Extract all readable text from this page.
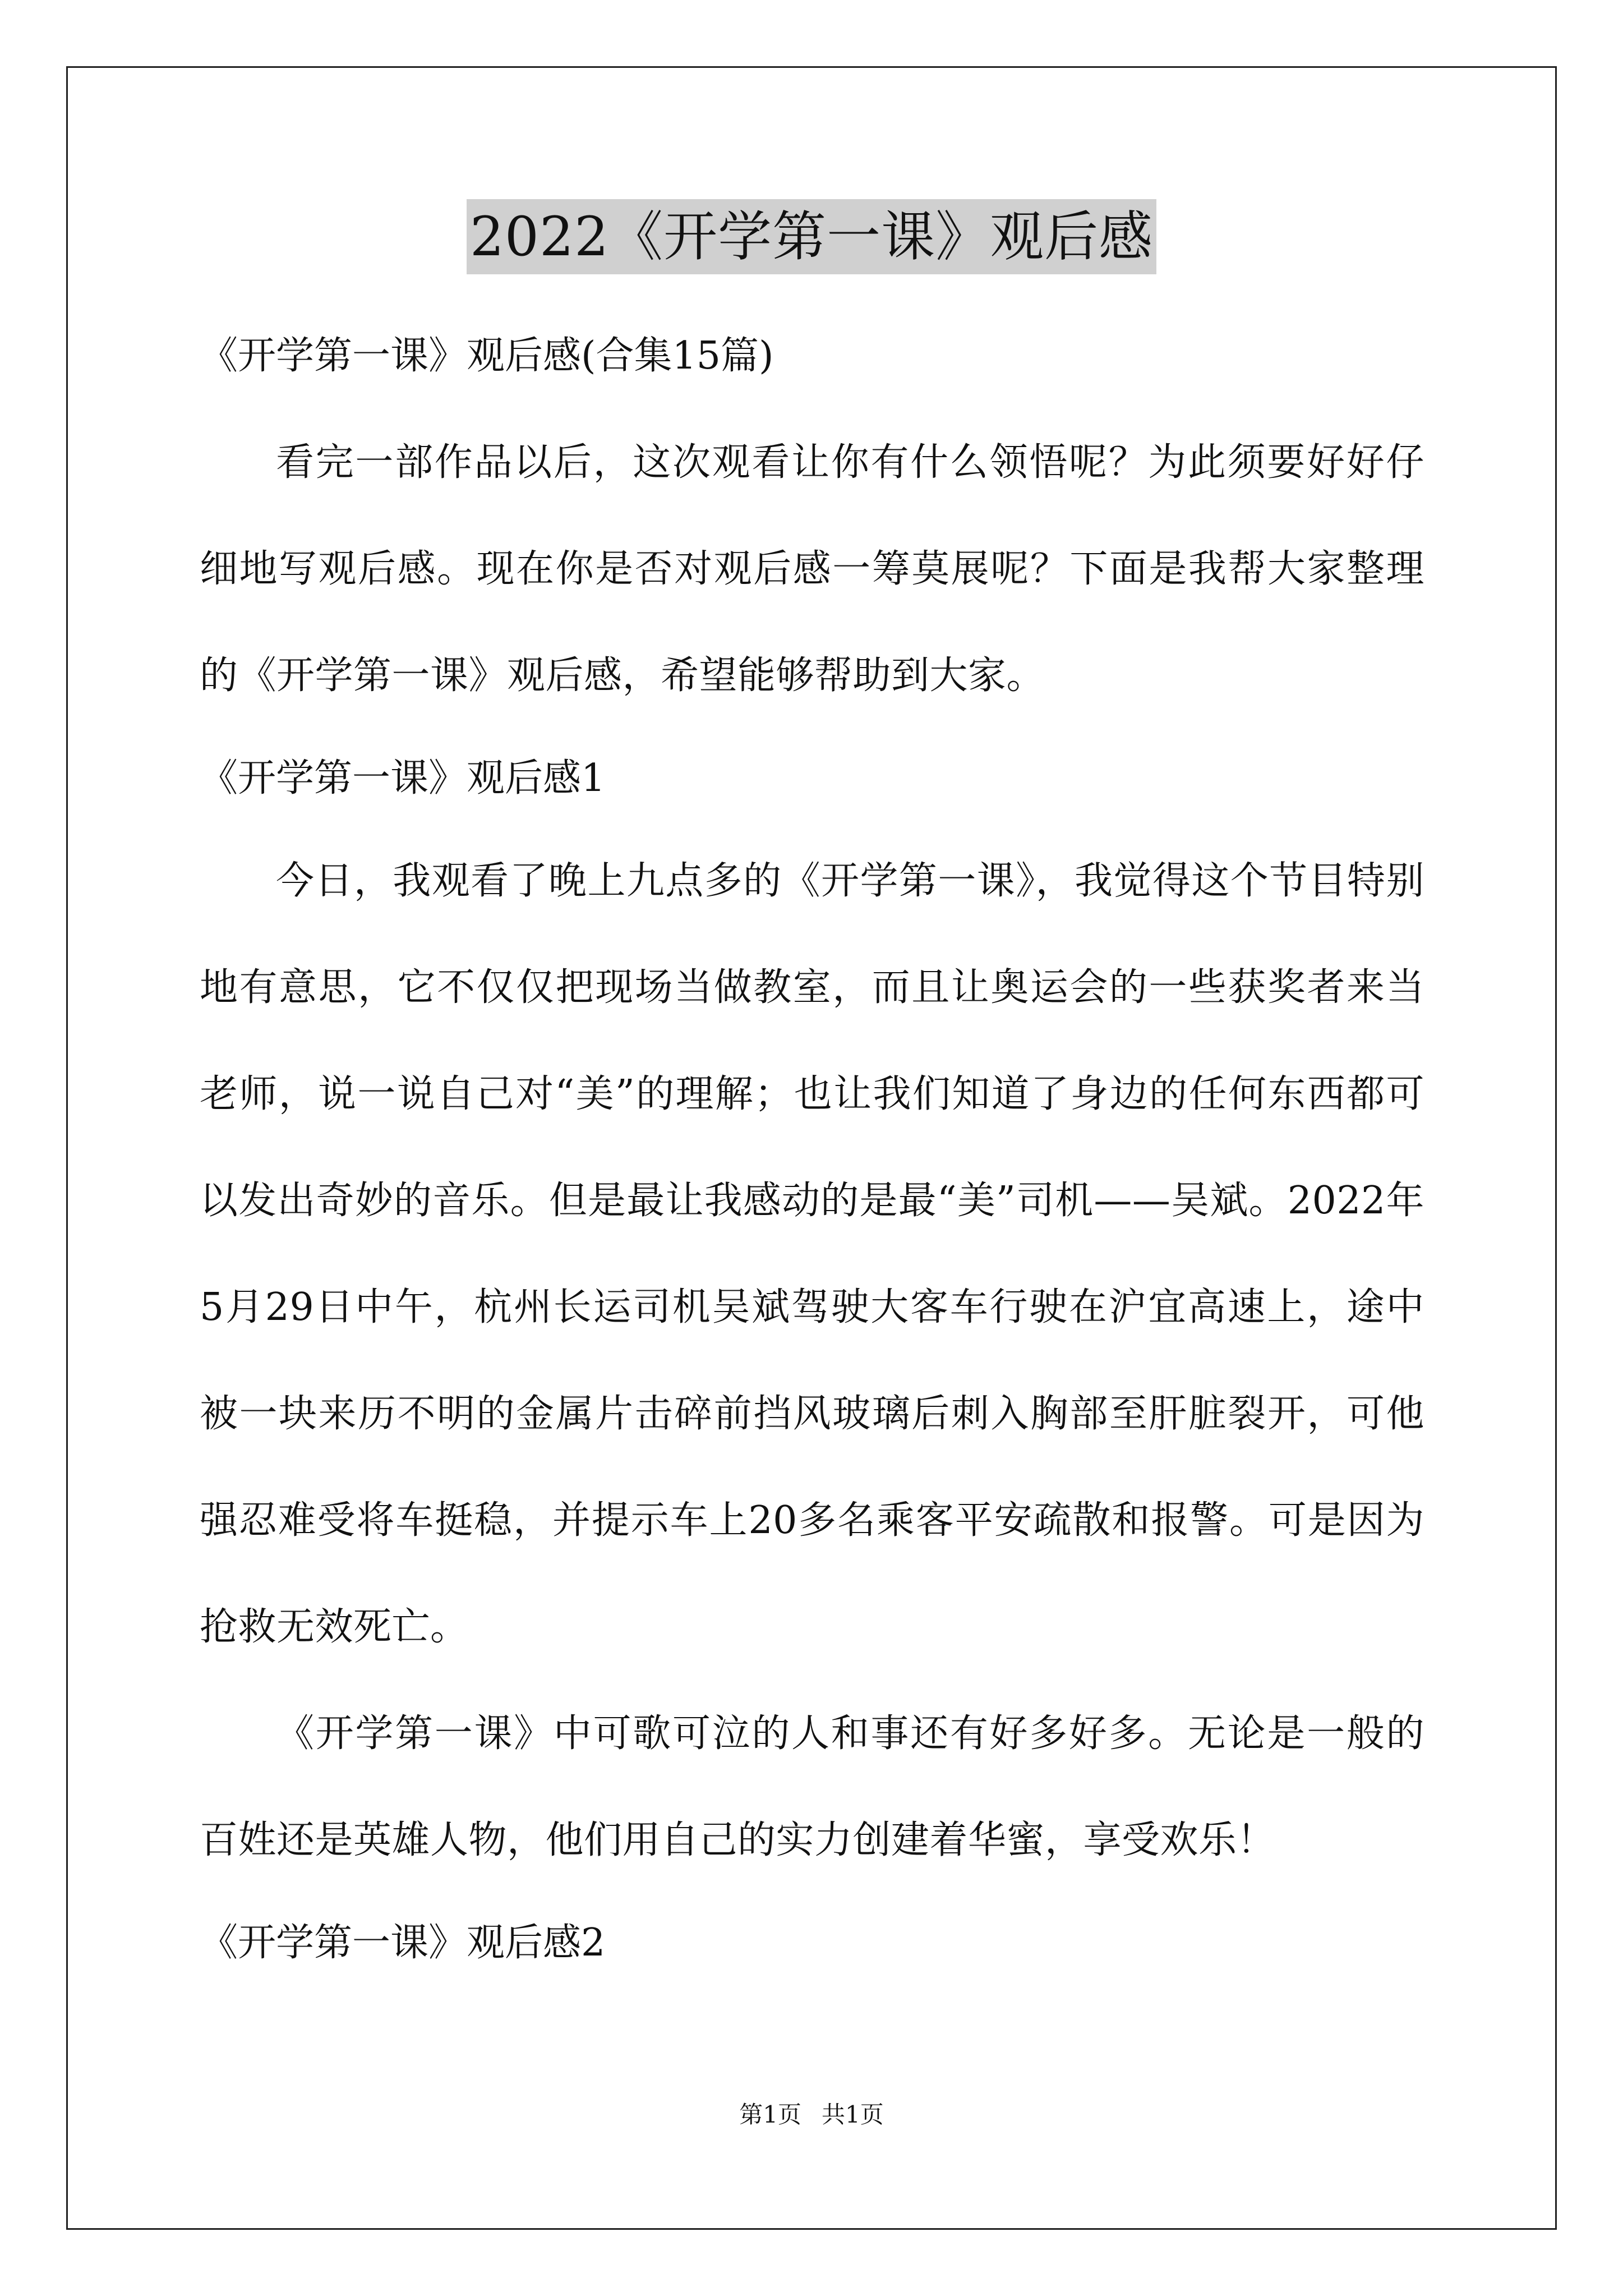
2022《开学第一课》观后感
《开学第一课》观后感(合集15篇)
看完一部作品以后，这次观看让你有什么领悟呢？为此须要好好仔细地写观后感。现在你是否对观后感一筹莫展呢？下面是我帮大家整理的《开学第一课》观后感，希望能够帮助到大家。
《开学第一课》观后感1
今日，我观看了晚上九点多的《开学第一课》，我觉得这个节目特别地有意思，它不仅仅把现场当做教室，而且让奥运会的一些获奖者来当老师，说一说自己对“美”的理解；也让我们知道了身边的任何东西都可以发出奇妙的音乐。但是最让我感动的是最“美”司机——吴斌。2022年5月29日中午，杭州长运司机吴斌驾驶大客车行驶在沪宜高速上，途中被一块来历不明的金属片击碎前挡风玻璃后刺入胸部至肝脏裂开，可他强忍难受将车挺稳，并提示车上20多名乘客平安疏散和报警。可是因为抢救无效死亡。
《开学第一课》中可歌可泣的人和事还有好多好多。无论是一般的百姓还是英雄人物，他们用自己的实力创建着华蜜，享受欢乐！
《开学第一课》观后感2
第1页 共1页
